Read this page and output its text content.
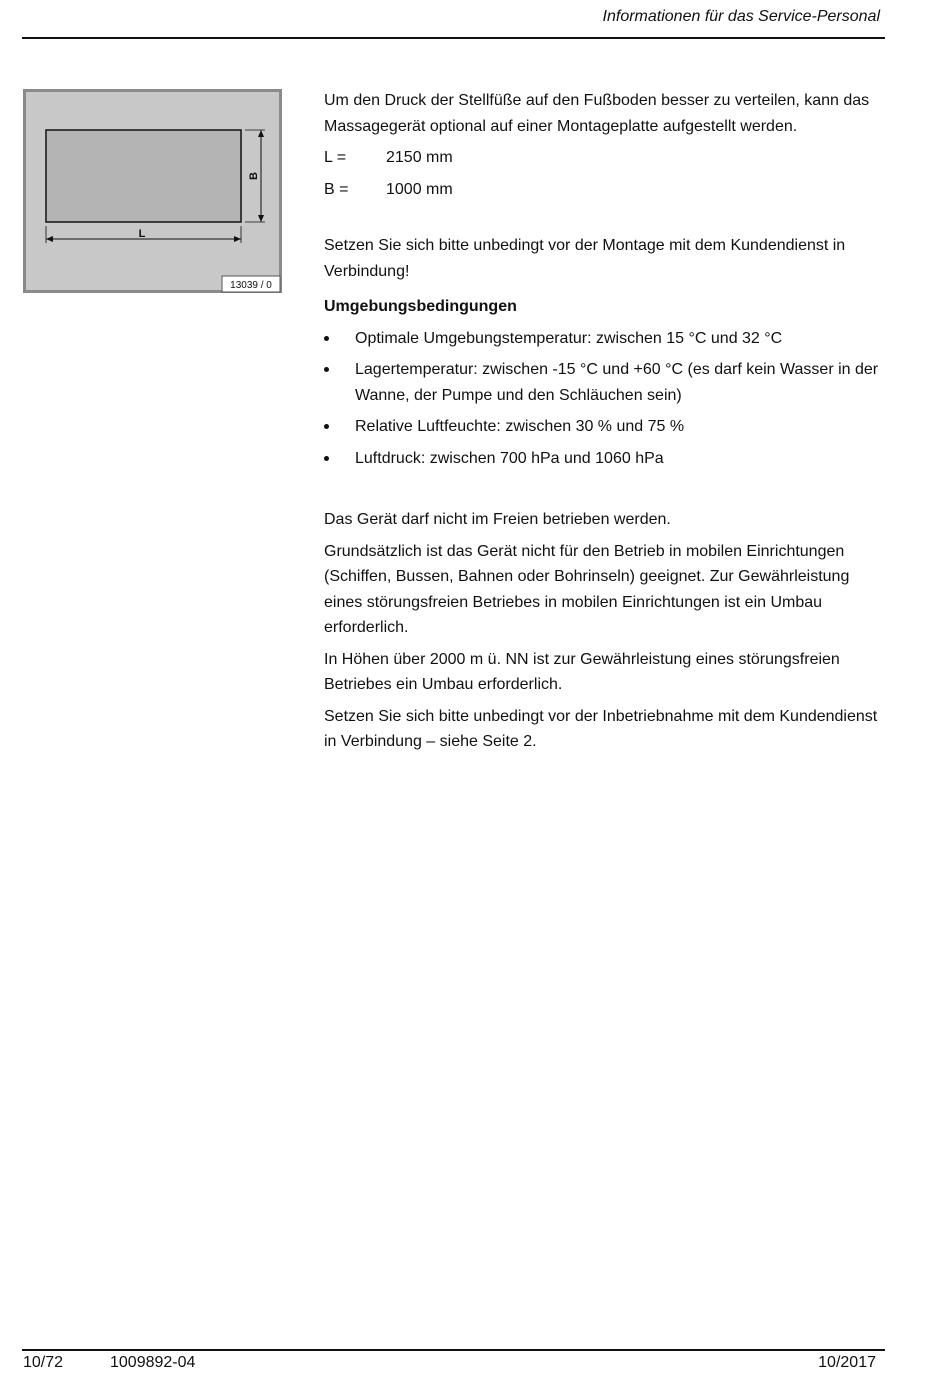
Informationen für das Service-Personal
B
L
13039 / 0

Um den Druck der Stellfüße auf den Fußboden besser zu verteilen, kann das Massagegerät optional auf einer Montageplatte aufgestellt werden.

L =	2150 mm
B =	1000 mm

Setzen Sie sich bitte unbedingt vor der Montage mit dem Kundendienst in Verbindung!

Umgebungsbedingungen
Optimale Umgebungstemperatur: zwischen 15 °C und 32 °C
Lagertemperatur: zwischen -15 °C und +60 °C (es darf kein Wasser in der Wanne, der Pumpe und den Schläuchen sein)
Relative Luftfeuchte: zwischen 30 % und 75 %
Luftdruck: zwischen 700 hPa und 1060 hPa

Das Gerät darf nicht im Freien betrieben werden.

Grundsätzlich ist das Gerät nicht für den Betrieb in mobilen Einrichtungen (Schiffen, Bussen, Bahnen oder Bohrinseln) geeignet. Zur Gewährleistung eines störungsfreien Betriebes in mobilen Einrichtungen ist ein Umbau erforderlich.

In Höhen über 2000 m ü. NN ist zur Gewährleistung eines störungsfreien Betriebes ein Umbau erforderlich.

Setzen Sie sich bitte unbedingt vor der Inbetriebnahme mit dem Kundendienst in Verbindung – siehe Seite 2.

10/72	1009892-04	10/2017
